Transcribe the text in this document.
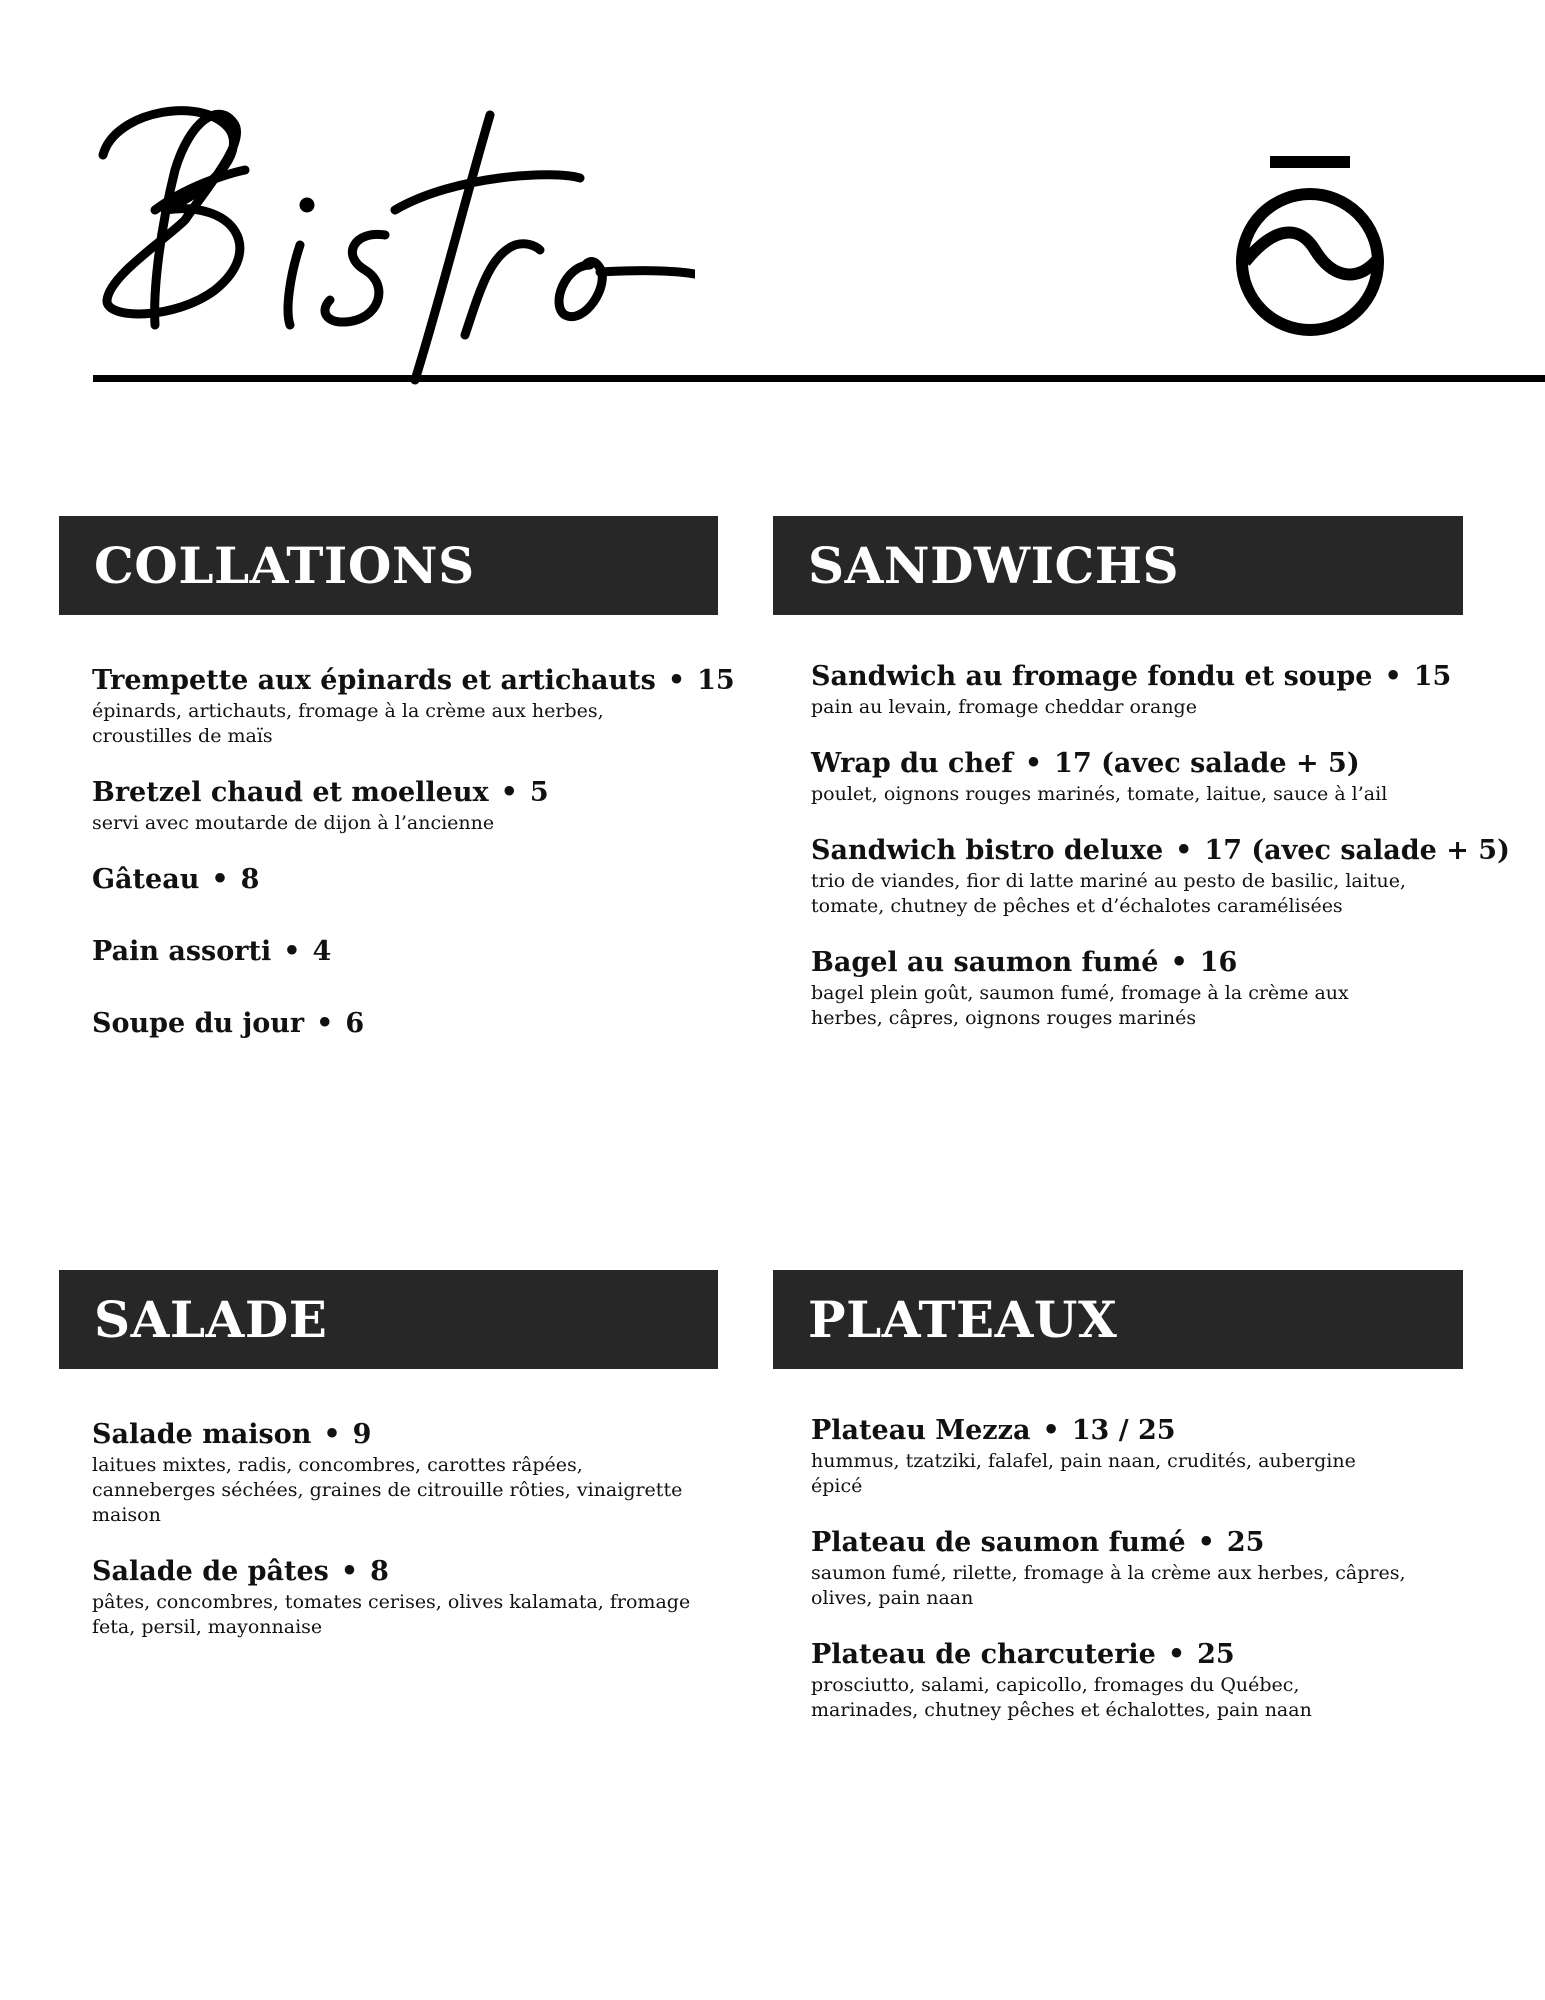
COLLATIONS
Trempette aux épinards et artichauts • 15
épinards, artichauts, fromage à la crème aux herbes, croustilles de maïs
Bretzel chaud et moelleux • 5
servi avec moutarde de dijon à l’ancienne
Gâteau • 8
Pain assorti • 4
Soupe du jour • 6
SANDWICHS
Sandwich au fromage fondu et soupe • 15
pain au levain, fromage cheddar orange
Wrap du chef • 17 (avec salade + 5)
poulet, oignons rouges marinés, tomate, laitue, sauce à l’ail
Sandwich bistro deluxe • 17 (avec salade + 5)
trio de viandes, fior di latte mariné au pesto de basilic, laitue, tomate, chutney de pêches et d’échalotes caramélisées
Bagel au saumon fumé • 16
bagel plein goût, saumon fumé, fromage à la crème aux herbes, câpres, oignons rouges marinés
SALADE
Salade maison • 9
laitues mixtes, radis, concombres, carottes râpées, canneberges séchées, graines de citrouille rôties, vinaigrette maison
Salade de pâtes • 8
pâtes, concombres, tomates cerises, olives kalamata, fromage feta, persil, mayonnaise
PLATEAUX
Plateau Mezza • 13 / 25
hummus, tzatziki, falafel, pain naan, crudités, aubergine épicé
Plateau de saumon fumé • 25
saumon fumé, rilette, fromage à la crème aux herbes, câpres, olives, pain naan
Plateau de charcuterie • 25
prosciutto, salami, capicollo, fromages du Québec, marinades, chutney pêches et échalottes, pain naan
